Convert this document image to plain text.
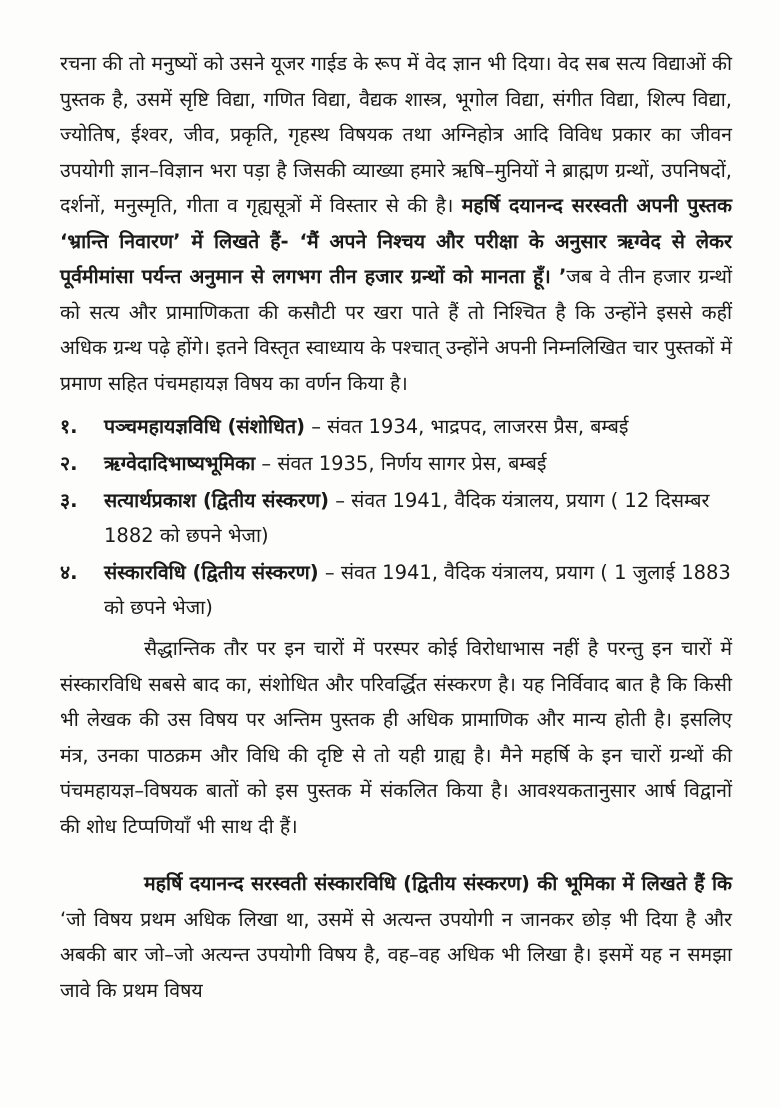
रचना की तो मनुष्यों को उसने यूजर गाईड के रूप में वेद ज्ञान भी दिया। वेद सब सत्य विद्याओं की पुस्तक है, उसमें सृष्टि विद्या, गणित विद्या, वैद्यक शास्त्र, भूगोल विद्या, संगीत विद्या, शिल्प विद्या, ज्योतिष, ईश्वर, जीव, प्रकृति, गृहस्थ विषयक तथा अग्निहोत्र आदि विविध प्रकार का जीवन उपयोगी ज्ञान–विज्ञान भरा पड़ा है जिसकी व्याख्या हमारे ऋषि–मुनियों ने ब्राह्मण ग्रन्थों, उपनिषदों, दर्शनों, मनुस्मृति, गीता व गृह्यसूत्रों में विस्तार से की है। महर्षि दयानन्द सरस्वती अपनी पुस्तक ‘भ्रान्ति निवारण’ में लिखते हैं- ‘मैं अपने निश्चय और परीक्षा के अनुसार ऋग्वेद से लेकर पूर्वमीमांसा पर्यन्त अनुमान से लगभग तीन हजार ग्रन्थों को मानता हूँ। ’जब वे तीन हजार ग्रन्थों को सत्य और प्रामाणिकता की कसौटी पर खरा पाते हैं तो निश्चित है कि उन्होंने इससे कहीं अधिक ग्रन्थ पढ़े होंगे। इतने विस्तृत स्वाध्याय के पश्चात् उन्होंने अपनी निम्नलिखित चार पुस्तकों में प्रमाण सहित पंचमहायज्ञ विषय का वर्णन किया है।

१.	पञ्चमहायज्ञविधि (संशोधित) – संवत 1934, भाद्रपद, लाजरस प्रैस, बम्बई
२.	ऋग्वेदादिभाष्यभूमिका – संवत 1935, निर्णय सागर प्रेस, बम्बई
३.	सत्यार्थप्रकाश (द्वितीय संस्करण) – संवत 1941, वैदिक यंत्रालय, प्रयाग ( 12 दिसम्बर 1882 को छपने भेजा)
४.	संस्कारविधि (द्वितीय संस्करण) – संवत 1941, वैदिक यंत्रालय, प्रयाग ( 1 जुलाई 1883 को छपने भेजा)

सैद्धान्तिक तौर पर इन चारों में परस्पर कोई विरोधाभास नहीं है परन्तु इन चारों में संस्कारविधि सबसे बाद का, संशोधित और परिवर्द्धित संस्करण है। यह निर्विवाद बात है कि किसी भी लेखक की उस विषय पर अन्तिम पुस्तक ही अधिक प्रामाणिक और मान्य होती है। इसलिए मंत्र, उनका पाठक्रम और विधि की दृष्टि से तो यही ग्राह्य है। मैने महर्षि के इन चारों ग्रन्थों की पंचमहायज्ञ–विषयक बातों को इस पुस्तक में संकलित किया है। आवश्यकतानुसार आर्ष विद्वानों की शोध टिप्पणियाँ भी साथ दी हैं।

महर्षि दयानन्द सरस्वती संस्कारविधि (द्वितीय संस्करण) की भूमिका में लिखते हैं कि ‘जो विषय प्रथम अधिक लिखा था, उसमें से अत्यन्त उपयोगी न जानकर छोड़ भी दिया है और अबकी बार जो–जो अत्यन्त उपयोगी विषय है, वह–वह अधिक भी लिखा है। इसमें यह न समझा जावे कि प्रथम विषय
